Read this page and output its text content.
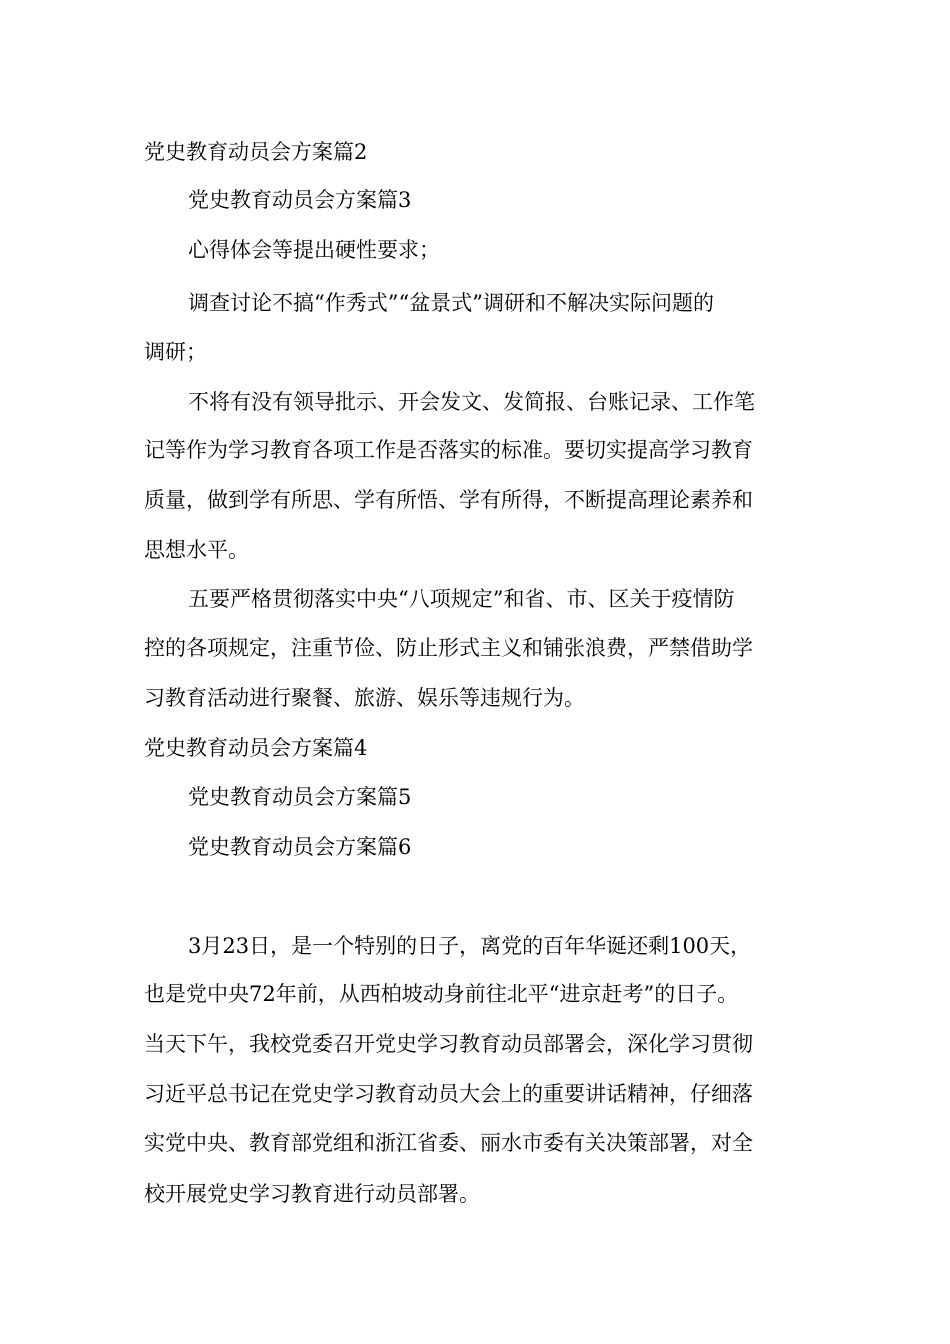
党史教育动员会方案篇2
党史教育动员会方案篇3
心得体会等提出硬性要求；
调查讨论不搞“作秀式”“盆景式”调研和不解决实际问题的
调研；
不将有没有领导批示、开会发文、发简报、台账记录、工作笔
记等作为学习教育各项工作是否落实的标准。要切实提高学习教育
质量，做到学有所思、学有所悟、学有所得，不断提高理论素养和
思想水平。
五要严格贯彻落实中央“八项规定”和省、市、区关于疫情防
控的各项规定，注重节俭、防止形式主义和铺张浪费，严禁借助学
习教育活动进行聚餐、旅游、娱乐等违规行为。
党史教育动员会方案篇4
党史教育动员会方案篇5
党史教育动员会方案篇6
3月23日，是一个特别的日子，离党的百年华诞还剩100天，
也是党中央72年前，从西柏坡动身前往北平“进京赶考”的日子。
当天下午，我校党委召开党史学习教育动员部署会，深化学习贯彻
习近平总书记在党史学习教育动员大会上的重要讲话精神，仔细落
实党中央、教育部党组和浙江省委、丽水市委有关决策部署，对全
校开展党史学习教育进行动员部署。
